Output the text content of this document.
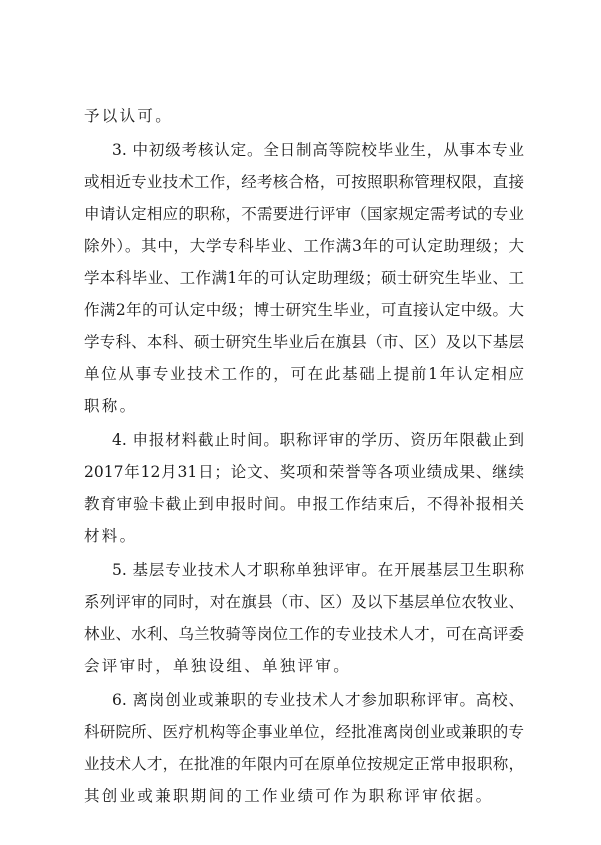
予以认可。
3. 中初级考核认定。全日制高等院校毕业生，从事本专业
或相近专业技术工作，经考核合格，可按照职称管理权限，直接
申请认定相应的职称，不需要进行评审（国家规定需考试的专业
除外）。其中，大学专科毕业、工作满3年的可认定助理级；大
学本科毕业、工作满1年的可认定助理级；硕士研究生毕业、工
作满2年的可认定中级；博士研究生毕业，可直接认定中级。大
学专科、本科、硕士研究生毕业后在旗县（市、区）及以下基层
单位从事专业技术工作的，可在此基础上提前1年认定相应
职称。
4. 申报材料截止时间。职称评审的学历、资历年限截止到
2017年12月31日；论文、奖项和荣誉等各项业绩成果、继续
教育审验卡截止到申报时间。申报工作结束后，不得补报相关
材料。
5. 基层专业技术人才职称单独评审。在开展基层卫生职称
系列评审的同时，对在旗县（市、区）及以下基层单位农牧业、
林业、水利、乌兰牧骑等岗位工作的专业技术人才，可在高评委
会评审时，单独设组、单独评审。
6. 离岗创业或兼职的专业技术人才参加职称评审。高校、
科研院所、医疗机构等企事业单位，经批准离岗创业或兼职的专
业技术人才，在批准的年限内可在原单位按规定正常申报职称，
其创业或兼职期间的工作业绩可作为职称评审依据。
